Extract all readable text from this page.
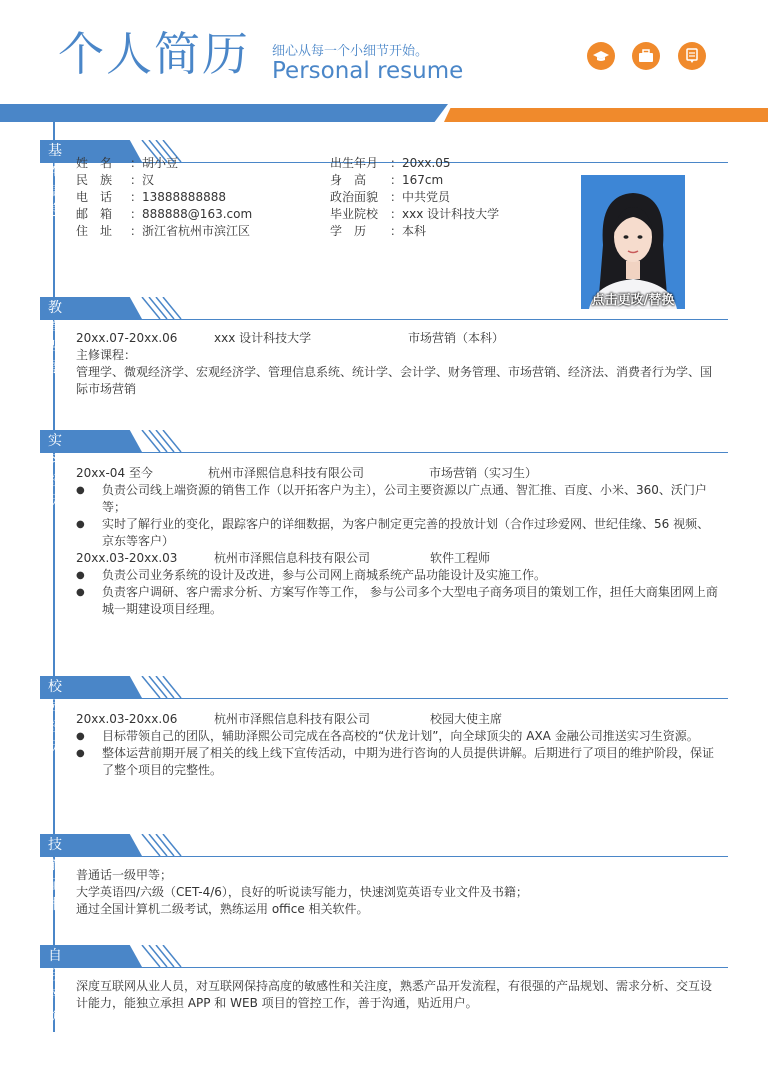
个人简历 细心从每一个小细节开始。
Personal resume
基本信息
姓　名 ：胡小豆
民　族 ：汉
电　话 ：13888888888
邮　箱 ：888888@163.com
住　址 ：浙江省杭州市滨江区
出生年月 ：20xx.05
身　高 ：167cm
政治面貌 ：中共党员
毕业院校 ：xxx 设计科技大学
学　历 ：本科
点击更改/替换
教育背景
20xx.07-20xx.06	xxx 设计科技大学	市场营销（本科）
主修课程：
管理学、微观经济学、宏观经济学、管理信息系统、统计学、会计学、财务管理、市场营销、经济法、消费者行为学、国际市场营销
实习经历
20xx-04 至今	杭州市泽熙信息科技有限公司	市场营销（实习生）
● 负责公司线上端资源的销售工作（以开拓客户为主），公司主要资源以广点通、智汇推、百度、小米、360、沃门户等；
● 实时了解行业的变化，跟踪客户的详细数据，为客户制定更完善的投放计划（合作过珍爱网、世纪佳缘、56 视频、京东等客户）
20xx.03-20xx.03	杭州市泽熙信息科技有限公司	软件工程师
● 负责公司业务系统的设计及改进，参与公司网上商城系统产品功能设计及实施工作。
● 负责客户调研、客户需求分析、方案写作等工作， 参与公司多个大型电子商务项目的策划工作，担任大商集团网上商城一期建设项目经理。
校园经历
20xx.03-20xx.06	杭州市泽熙信息科技有限公司	校园大使主席
● 目标带领自己的团队，辅助泽熙公司完成在各高校的“伏龙计划”，向全球顶尖的 AXA 金融公司推送实习生资源。
● 整体运营前期开展了相关的线上线下宣传活动，中期为进行咨询的人员提供讲解。后期进行了项目的维护阶段，保证了整个项目的完整性。
技能证书
普通话一级甲等；
大学英语四/六级（CET-4/6），良好的听说读写能力，快速浏览英语专业文件及书籍；
通过全国计算机二级考试，熟练运用 office 相关软件。
自我评价
深度互联网从业人员，对互联网保持高度的敏感性和关注度，熟悉产品开发流程，有很强的产品规划、需求分析、交互设计能力，能独立承担 APP 和 WEB 项目的管控工作，善于沟通，贴近用户。
